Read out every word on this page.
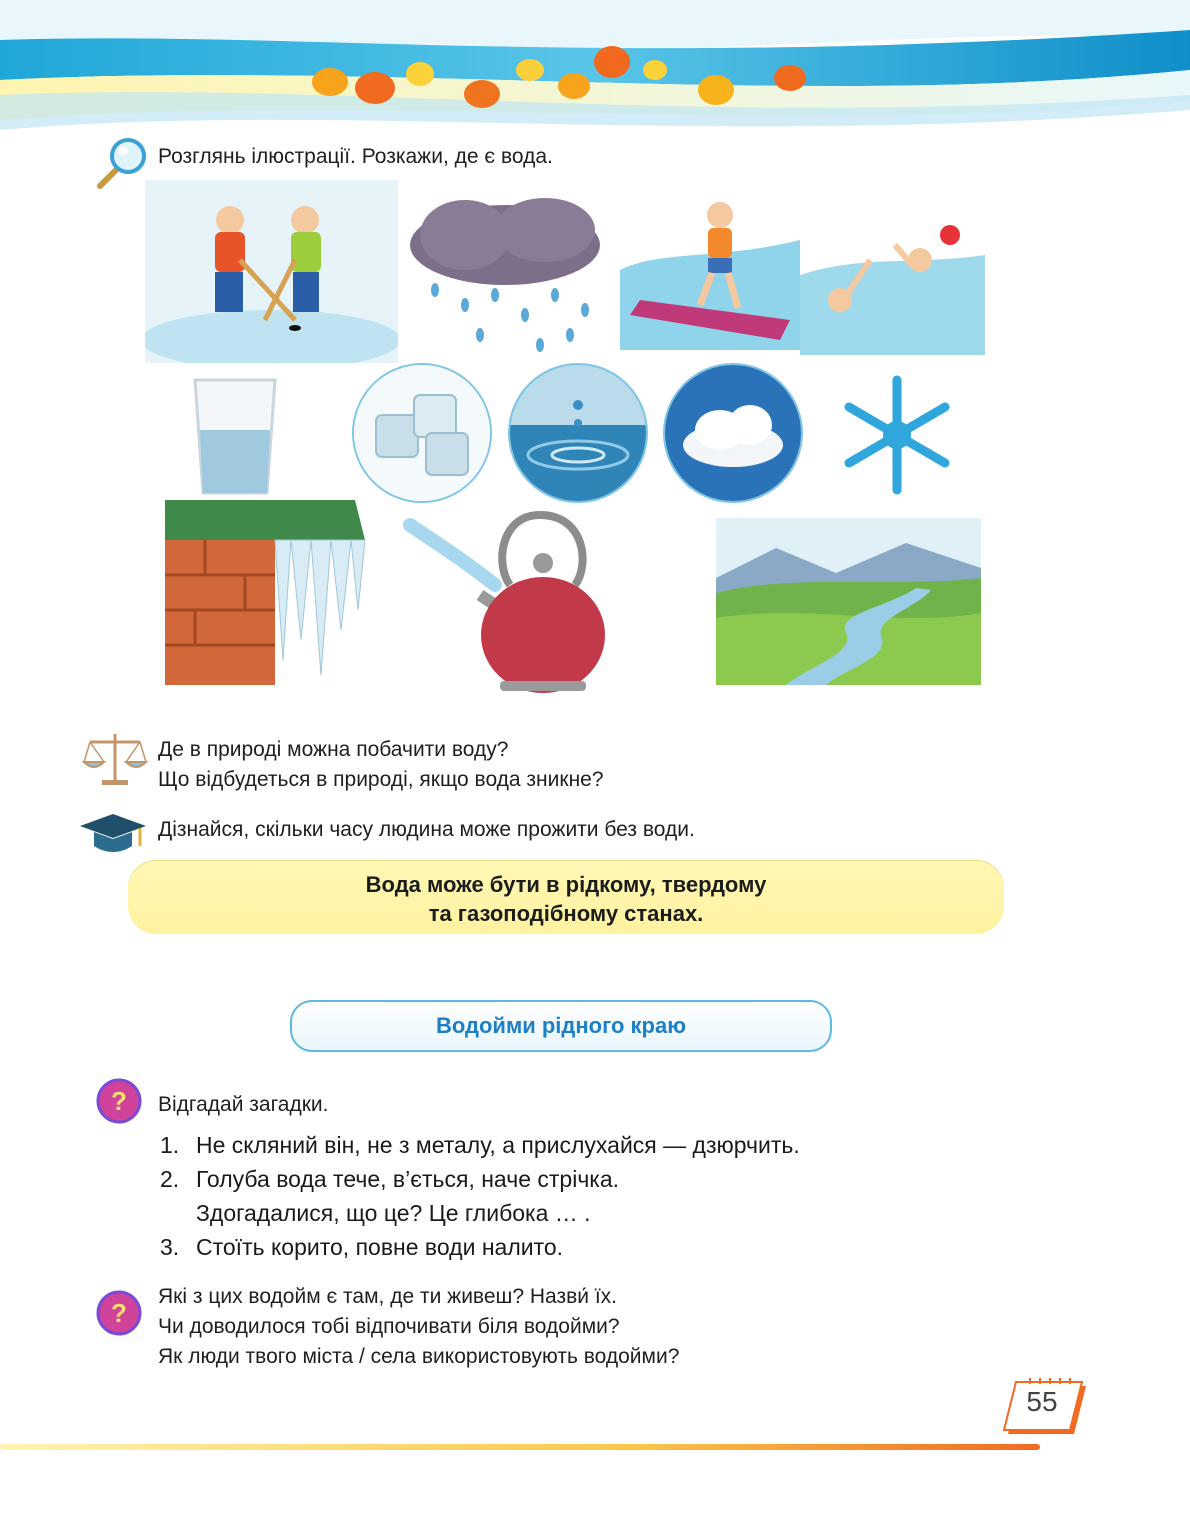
Розглянь ілюстрації. Розкажи, де є вода.
Де в природі можна побачити воду?
Що відбудеться в природі, якщо вода зникне?
Дізнайся, скільки часу людина може прожити без води.
Вода може бути в рідкому, твердому
та газоподібному станах.
Водойми рідного краю
? Відгадай загадки.
1. Не скляний він, не з металу, а прислухайся — дзюрчить.
2. Голуба вода тече, в’ється, наче стрічка.
Здогадалися, що це? Це глибока … .
3. Стоїть корито, повне води налито.
?
Які з цих водойм є там, де ти живеш? Назви́ їх.
Чи доводилося тобі відпочивати біля водойми?
Як люди твого міста / села використовують водойми?
55
